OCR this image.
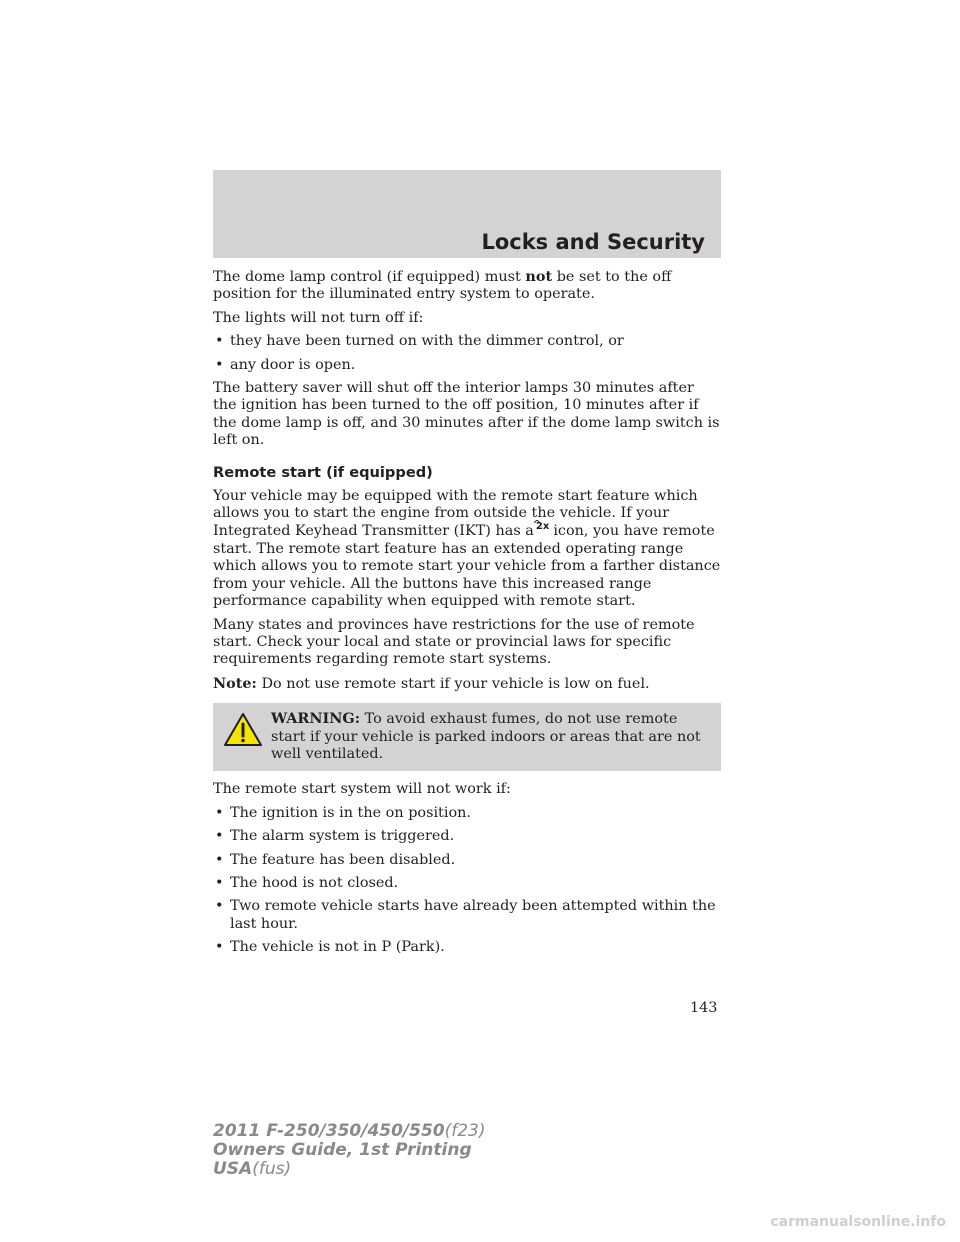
Locks and Security

The dome lamp control (if equipped) must not be set to the off position for the illuminated entry system to operate.

The lights will not turn off if:

• they have been turned on with the dimmer control, or
• any door is open.

The battery saver will shut off the interior lamps 30 minutes after the ignition has been turned to the off position, 10 minutes after if the dome lamp is off, and 30 minutes after if the dome lamp switch is left on.

Remote start (if equipped)

Your vehicle may be equipped with the remote start feature which allows you to start the engine from outside the vehicle. If your Integrated Keyhead Transmitter (IKT) has a 2x icon, you have remote start. The remote start feature has an extended operating range which allows you to remote start your vehicle from a farther distance from your vehicle. All the buttons have this increased range performance capability when equipped with remote start.

Many states and provinces have restrictions for the use of remote start. Check your local and state or provincial laws for specific requirements regarding remote start systems.

Note: Do not use remote start if your vehicle is low on fuel.

WARNING: To avoid exhaust fumes, do not use remote start if your vehicle is parked indoors or areas that are not well ventilated.

The remote start system will not work if:

• The ignition is in the on position.
• The alarm system is triggered.
• The feature has been disabled.
• The hood is not closed.
• Two remote vehicle starts have already been attempted within the last hour.
• The vehicle is not in P (Park).
143
2011 F-250/350/450/550(f23)
Owners Guide, 1st Printing
USA(fus)
carmanualsonline.info
